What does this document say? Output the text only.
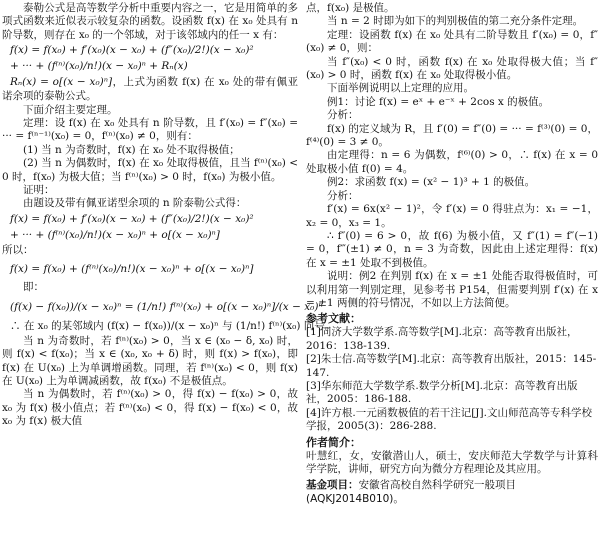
泰勒公式是高等数学分析中重要内容之一，它是用简单的多项式函数来近似表示较复杂的函数。设函数 f(x) 在 x₀ 处具有 n 阶导数，则存在 x₀ 的一个邻域，对于该邻域内的任一 x 有：

f(x) = f(x₀) + f′(x₀)(x − x₀) + (f″(x₀)/2!)(x − x₀)²
+ ··· + (f⁽ⁿ⁾(x₀)/n!)(x − x₀)ⁿ + Rₙ(x)

Rₙ(x) = o[(x − x₀)ⁿ]，上式为函数 f(x) 在 x₀ 处的带有佩亚诺余项的泰勒公式。

下面介绍主要定理。

定理：设 f(x) 在 x₀ 处具有 n 阶导数，且 f′(x₀) = f″(x₀) = ··· = f⁽ⁿ⁻¹⁾(x₀) = 0，f⁽ⁿ⁾(x₀) ≠ 0，则有：

(1) 当 n 为奇数时，f(x) 在 x₀ 处不取得极值；

(2) 当 n 为偶数时，f(x) 在 x₀ 处取得极值，且当 f⁽ⁿ⁾(x₀) < 0 时，f(x₀) 为极大值；当 f⁽ⁿ⁾(x₀) > 0 时，f(x₀) 为极小值。

证明：

由题设及带有佩亚诺型余项的 n 阶泰勒公式得：

f(x) = f(x₀) + f′(x₀)(x − x₀) + (f″(x₀)/2!)(x − x₀)²
+ ··· + (f⁽ⁿ⁾(x₀)/n!)(x − x₀)ⁿ + o[(x − x₀)ⁿ]

所以：

f(x) = f(x₀) + (f⁽ⁿ⁾(x₀)/n!)(x − x₀)ⁿ + o[(x − x₀)ⁿ]

即：

(f(x) − f(x₀))/(x − x₀)ⁿ = (1/n!) f⁽ⁿ⁾(x₀) + o[(x − x₀)ⁿ]/(x − x₀)ⁿ
∴ 在 x₀ 的某邻域内 (f(x) − f(x₀))/(x − x₀)ⁿ 与 (1/n!) f⁽ⁿ⁾(x₀) 同号。

当 n 为奇数时，若 f⁽ⁿ⁾(x₀) > 0，当 x ∈ (x₀ − δ, x₀) 时，则 f(x) < f(x₀)；当 x ∈ (x₀, x₀ + δ) 时，则 f(x) > f(x₀)，即 f(x) 在 U(x₀) 上为单调增函数。同理，若 f⁽ⁿ⁾(x₀) < 0，则 f(x) 在 U(x₀) 上为单调减函数，故 f(x₀) 不是极值点。

当 n 为偶数时，若 f⁽ⁿ⁾(x₀) > 0，得 f(x) − f(x₀) > 0，故 x₀ 为 f(x) 极小值点；若 f⁽ⁿ⁾(x₀) < 0，得 f(x) − f(x₀) < 0，故 x₀ 为 f(x) 极大值

点，f(x₀) 是极值。

当 n = 2 时即为如下的判别极值的第二充分条件定理。

定理：设函数 f(x) 在 x₀ 处具有二阶导数且 f′(x₀) = 0，f″(x₀) ≠ 0，则：

当 f″(x₀) < 0 时，函数 f(x) 在 x₀ 处取得极大值；当 f″(x₀) > 0 时，函数 f(x) 在 x₀ 处取得极小值。

下面举例说明以上定理的应用。

例1：讨论 f(x) = eˣ + e⁻ˣ + 2cos x 的极值。

分析：

f(x) 的定义域为 R，且 f′(0) = f″(0) = ··· = f⁽³⁾(0) = 0，f⁽⁴⁾(0) = 3 ≠ 0。

由定理得：n = 6 为偶数，f⁽⁶⁾(0) > 0，∴ f(x) 在 x = 0 处取极小值 f(0) = 4。

例2：求函数 f(x) = (x² − 1)³ + 1 的极值。

分析：

f′(x) = 6x(x² − 1)²，令 f′(x) = 0 得驻点为：x₁ = −1，x₂ = 0，x₃ = 1。

∴ f″(0) = 6 > 0，故 f(6) 为极小值，又 f″(1) = f″(−1) = 0，f‴(±1) ≠ 0，n = 3 为奇数，因此由上述定理得：f(x) 在 x = ±1 处取不到极值。

说明：例2 在判别 f(x) 在 x = ±1 处能否取得极值时，可以利用第一判别定理，见参考书 P154，但需要判别 f′(x) 在 x = ±1 两侧的符号情况，不如以上方法简便。

参考文献：

[1]同济大学数学系.高等数学[M].北京：高等教育出版社，2016：138-139.

[2]朱士信.高等数学[M].北京：高等教育出版社，2015：145-147.

[3]华东师范大学数学系.数学分析[M].北京：高等教育出版社，2005：186-188.

[4]许方根.一元函数极值的若干注记[J].文山师范高等专科学校学报，2005(3)：286-288.

作者简介：

叶慧红，女，安徽潜山人，硕士，安庆师范大学数学与计算科学学院，讲师，研究方向为微分方程理论及其应用。

基金项目：安徽省高校自然科学研究一般项目(AQKJ2014B010)。
